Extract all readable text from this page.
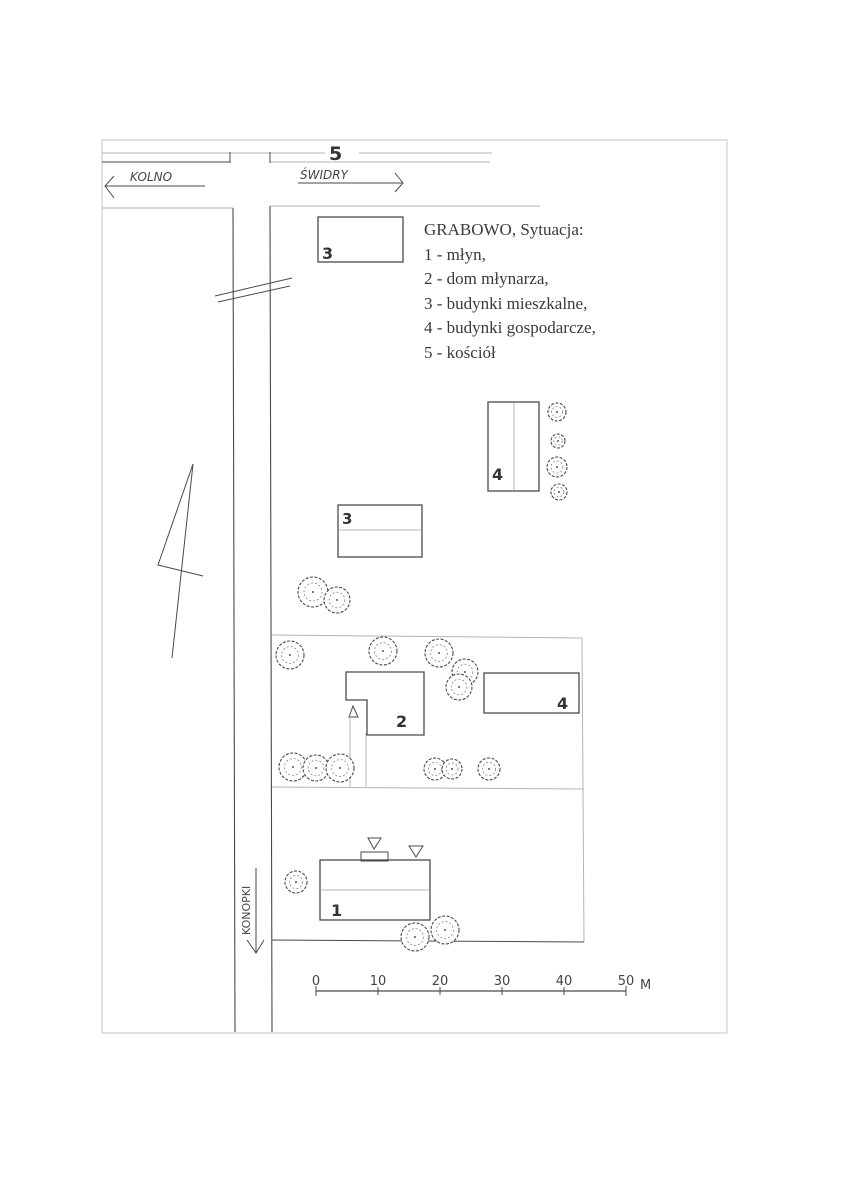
KOLNO	ŚWIDRY
KONOPKI
5
3
4
3
2
4
1
0	10	20	30	40	50 M
GRABOWO, Sytuacja:
1 - młyn,
2 - dom młynarza,
3 - budynki mieszkalne,
4 - budynki gospodarcze,
5 - kościół
